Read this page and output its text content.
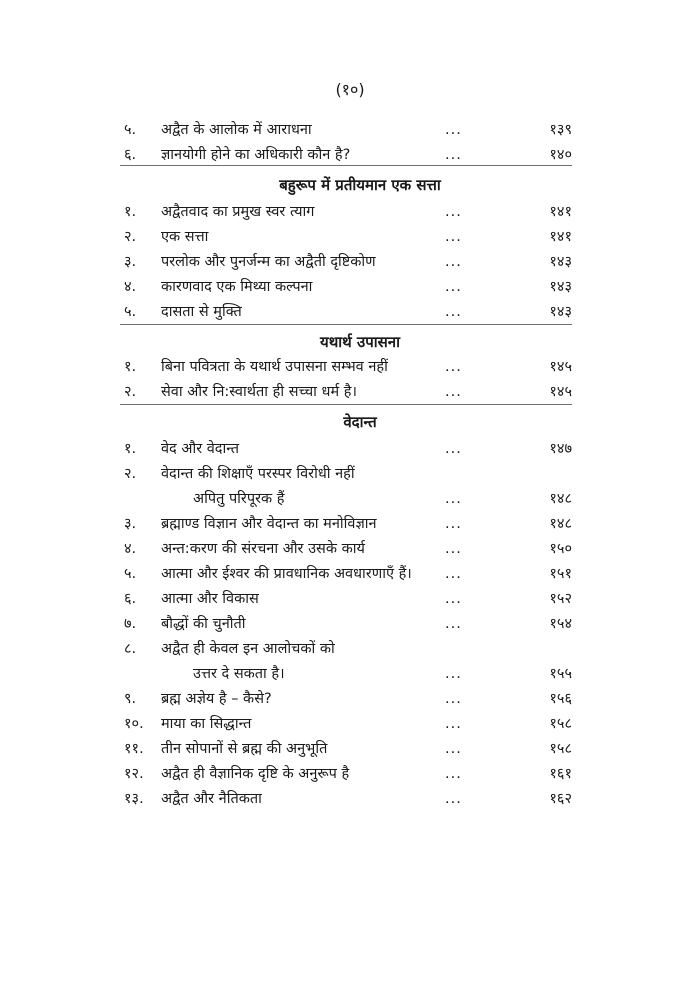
(१०)
५. अद्वैत के आलोक में आराधना	...	१३९
६. ज्ञानयोगी होने का अधिकारी कौन है?	...	१४०
बहुरूप में प्रतीयमान एक सत्ता
१. अद्वैतवाद का प्रमुख स्वर त्याग	...	१४१
२. एक सत्ता	...	१४१
३. परलोक और पुनर्जन्म का अद्वैती दृष्टिकोण	...	१४३
४. कारणवाद एक मिथ्या कल्पना	...	१४३
५. दासता से मुक्ति	...	१४३
यथार्थ उपासना
१. बिना पवित्रता के यथार्थ उपासना सम्भव नहीं	...	१४५
२. सेवा और नि:स्वार्थता ही सच्चा धर्म है।	...	१४५
वेदान्त
१. वेद और वेदान्त	...	१४७
२. वेदान्त की शिक्षाएँ परस्पर विरोधी नहीं
अपितु परिपूरक हैं	...	१४८
३. ब्रह्माण्ड विज्ञान और वेदान्त का मनोविज्ञान	...	१४८
४. अन्त:करण की संरचना और उसके कार्य	...	१५०
५. आत्मा और ईश्वर की प्रावधानिक अवधारणाएँ हैं। ...	१५१
६. आत्मा और विकास	...	१५२
७. बौद्धों की चुनौती	...	१५४
८. अद्वैत ही केवल इन आलोचकों को
उत्तर दे सकता है।	...	१५५
९. ब्रह्म अज्ञेय है – कैसे?	...	१५६
१०. माया का सिद्धान्त	...	१५८
११. तीन सोपानों से ब्रह्म की अनुभूति	...	१५८
१२. अद्वैत ही वैज्ञानिक दृष्टि के अनुरूप है	...	१६१
१३. अद्वैत और नैतिकता	...	१६२
